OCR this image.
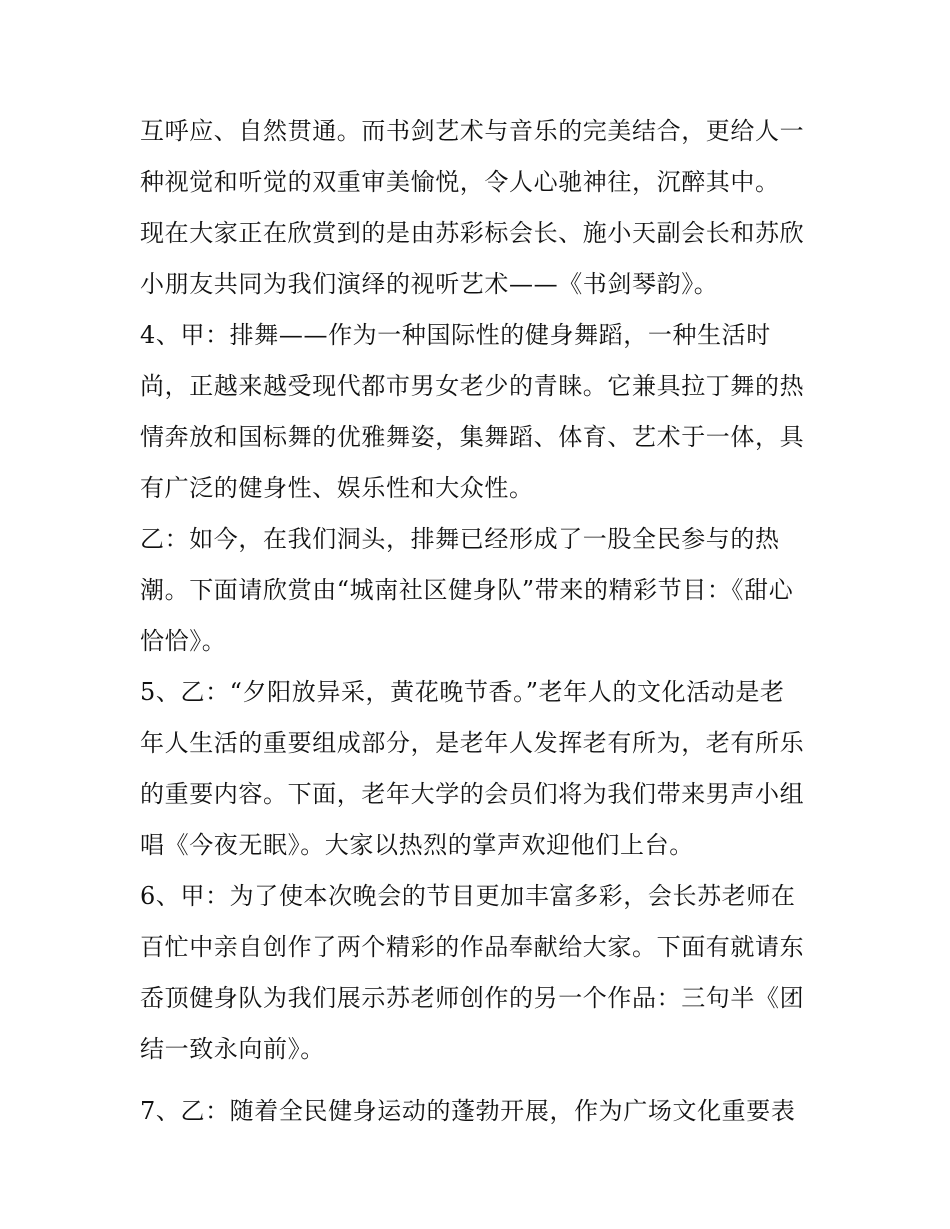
互呼应、自然贯通。而书剑艺术与音乐的完美结合，更给人一
种视觉和听觉的双重审美愉悦，令人心驰神往，沉醉其中。
现在大家正在欣赏到的是由苏彩标会长、施小天副会长和苏欣
小朋友共同为我们演绎的视听艺术——《书剑琴韵》。
4、甲：排舞——作为一种国际性的健身舞蹈，一种生活时
尚，正越来越受现代都市男女老少的青睐。它兼具拉丁舞的热
情奔放和国标舞的优雅舞姿，集舞蹈、体育、艺术于一体，具
有广泛的健身性、娱乐性和大众性。
乙：如今，在我们洞头，排舞已经形成了一股全民参与的热
潮。下面请欣赏由“城南社区健身队”带来的精彩节目：《甜心
恰恰》。
5、乙：“夕阳放异采，黄花晚节香。”老年人的文化活动是老
年人生活的重要组成部分，是老年人发挥老有所为，老有所乐
的重要内容。下面，老年大学的会员们将为我们带来男声小组
唱《今夜无眠》。大家以热烈的掌声欢迎他们上台。
6、甲：为了使本次晚会的节目更加丰富多彩，会长苏老师在
百忙中亲自创作了两个精彩的作品奉献给大家。下面有就请东
岙顶健身队为我们展示苏老师创作的另一个作品：三句半《团
结一致永向前》。
7、乙：随着全民健身运动的蓬勃开展，作为广场文化重要表
